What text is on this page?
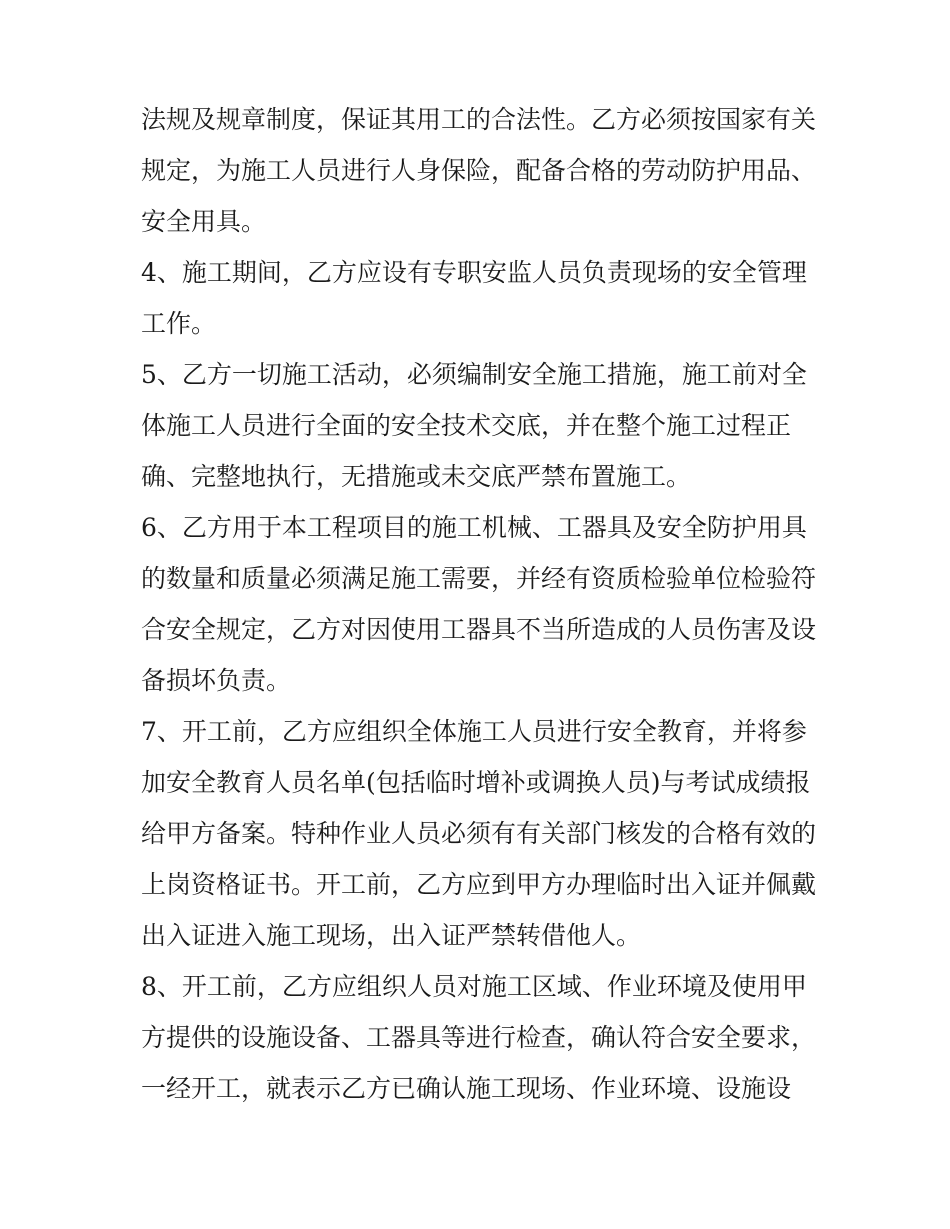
法规及规章制度，保证其用工的合法性。乙方必须按国家有关
规定，为施工人员进行人身保险，配备合格的劳动防护用品、
安全用具。
4、施工期间，乙方应设有专职安监人员负责现场的安全管理
工作。
5、乙方一切施工活动，必须编制安全施工措施，施工前对全
体施工人员进行全面的安全技术交底，并在整个施工过程正
确、完整地执行，无措施或未交底严禁布置施工。
6、乙方用于本工程项目的施工机械、工器具及安全防护用具
的数量和质量必须满足施工需要，并经有资质检验单位检验符
合安全规定，乙方对因使用工器具不当所造成的人员伤害及设
备损坏负责。
7、开工前，乙方应组织全体施工人员进行安全教育，并将参
加安全教育人员名单(包括临时增补或调换人员)与考试成绩报
给甲方备案。特种作业人员必须有有关部门核发的合格有效的
上岗资格证书。开工前，乙方应到甲方办理临时出入证并佩戴
出入证进入施工现场，出入证严禁转借他人。
8、开工前，乙方应组织人员对施工区域、作业环境及使用甲
方提供的设施设备、工器具等进行检查，确认符合安全要求，
一经开工，就表示乙方已确认施工现场、作业环境、设施设
